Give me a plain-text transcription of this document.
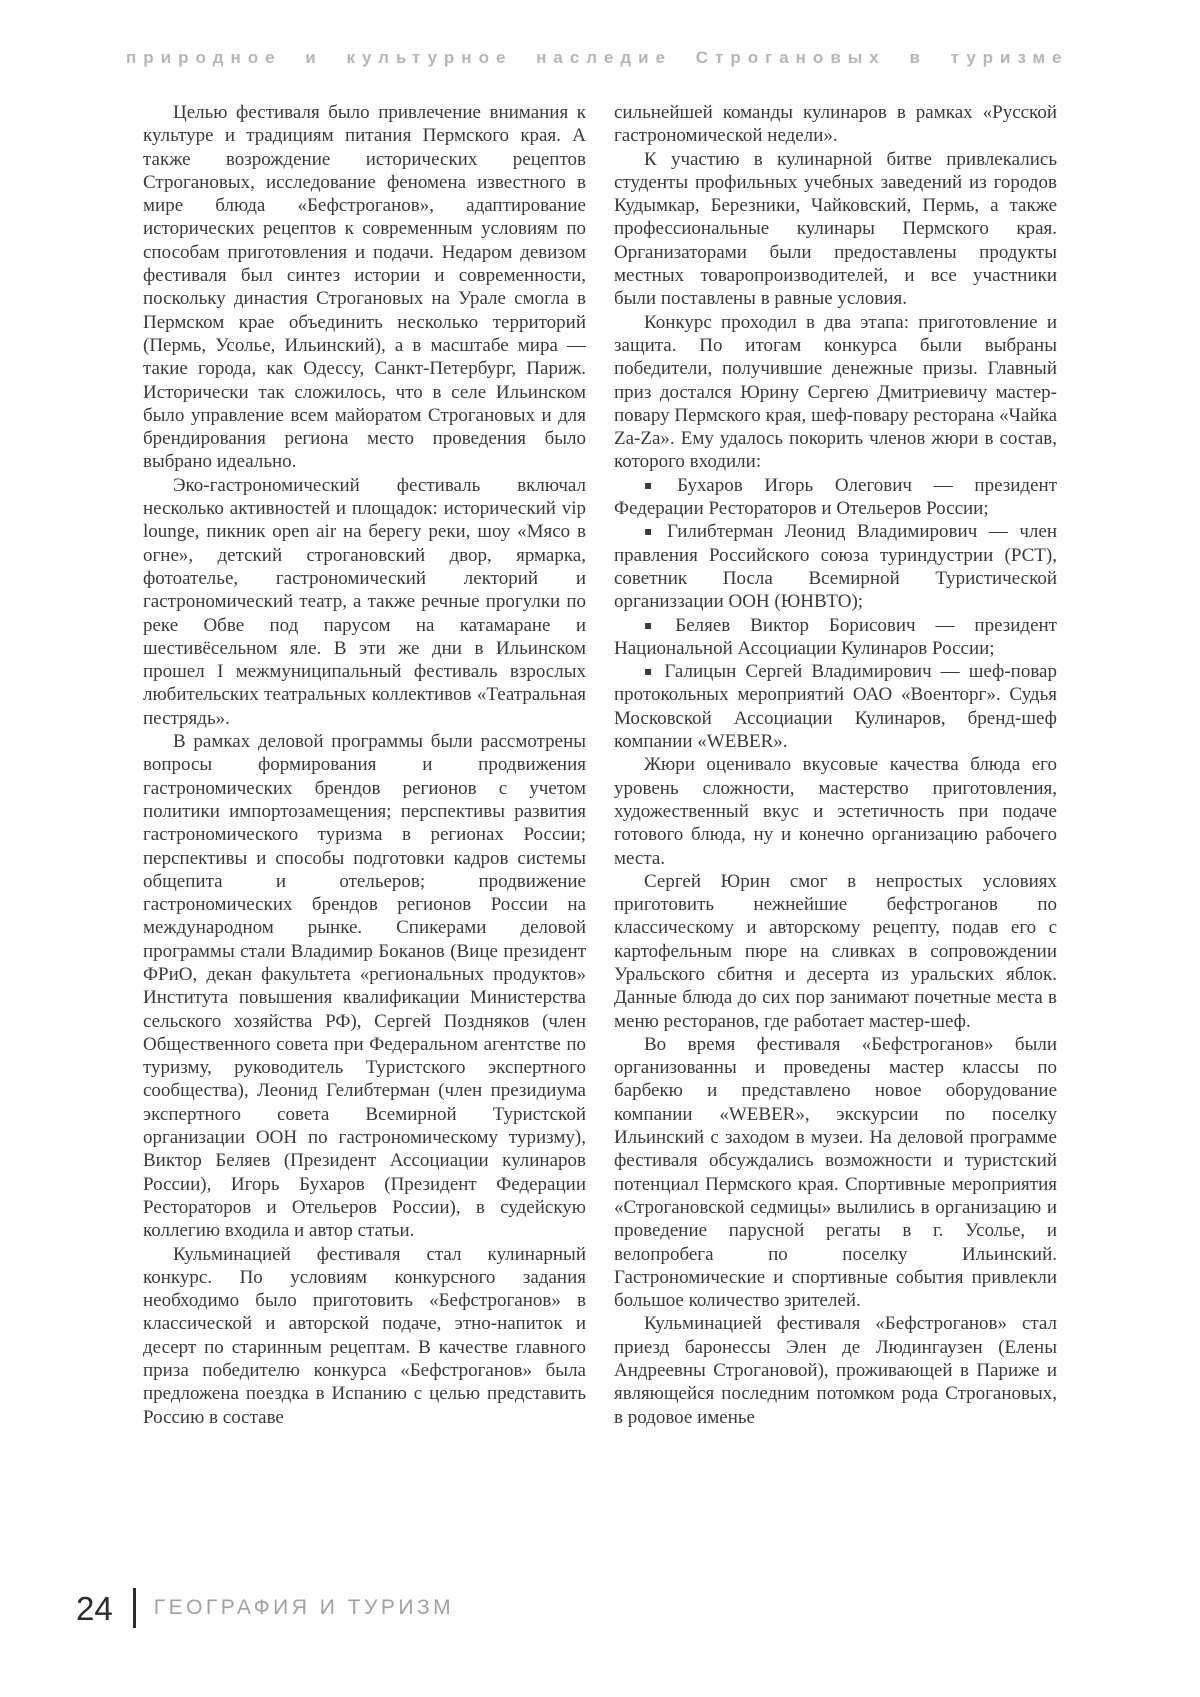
природное и культурное наследие Строгановых в туризме

Целью фестиваля было привлечение внимания к культуре и традициям питания Пермского края. А также возрождение исторических рецептов Строгановых, исследование феномена известного в мире блюда «Бефстроганов», адаптирование исторических рецептов к современным условиям по способам приготовления и подачи. Недаром девизом фестиваля был синтез истории и современности, поскольку династия Строгановых на Урале смогла в Пермском крае объединить несколько территорий (Пермь, Усолье, Ильинский), а в масштабе мира — такие города, как Одессу, Санкт-Петербург, Париж. Исторически так сложилось, что в селе Ильинском было управление всем майоратом Строгановых и для брендирования региона место проведения было выбрано идеально.

Эко-гастрономический фестиваль включал несколько активностей и площадок: исторический vip lounge, пикник open air на берегу реки, шоу «Мясо в огне», детский строгановский двор, ярмарка, фотоателье, гастрономический лекторий и гастрономический театр, а также речные прогулки по реке Обве под парусом на катамаране и шестивёсельном яле. В эти же дни в Ильинском прошел I межмуниципальный фестиваль взрослых любительских театральных коллективов «Театральная пестрядь».

В рамках деловой программы были рассмотрены вопросы формирования и продвижения гастрономических брендов регионов с учетом политики импортозамещения; перспективы развития гастрономического туризма в регионах России; перспективы и способы подготовки кадров системы общепита и отельеров; продвижение гастрономических брендов регионов России на международном рынке. Спикерами деловой программы стали Владимир Боканов (Вице президент ФРиО, декан факультета «региональных продуктов» Института повышения квалификации Министерства сельского хозяйства РФ), Сергей Поздняков (член Общественного совета при Федеральном агентстве по туризму, руководитель Туристского экспертного сообщества), Леонид Гелибтерман (член президиума экспертного совета Всемирной Туристской организации ООН по гастрономическому туризму), Виктор Беляев (Президент Ассоциации кулинаров России), Игорь Бухаров (Президент Федерации Рестораторов и Отельеров России), в судейскую коллегию входила и автор статьи.

Кульминацией фестиваля стал кулинарный конкурс. По условиям конкурсного задания необходимо было приготовить «Бефстроганов» в классической и авторской подаче, этно-напиток и десерт по старинным рецептам. В качестве главного приза победителю конкурса «Бефстроганов» была предложена поездка в Испанию с целью представить Россию в составе

сильнейшей команды кулинаров в рамках «Русской гастрономической недели».

К участию в кулинарной битве привлекались студенты профильных учебных заведений из городов Кудымкар, Березники, Чайковский, Пермь, а также профессиональные кулинары Пермского края. Организаторами были предоставлены продукты местных товаропроизводителей, и все участники были поставлены в равные условия.

Конкурс проходил в два этапа: приготовление и защита. По итогам конкурса были выбраны победители, получившие денежные призы. Главный приз достался Юрину Сергею Дмитриевичу мастер-повару Пермского края, шеф-повару ресторана «Чайка Za-Za». Ему удалось покорить членов жюри в состав, которого входили:

▪ Бухаров Игорь Олегович — президент Федерации Рестораторов и Отельеров России;

▪ Гилибтерман Леонид Владимирович — член правления Российского союза туриндустрии (РСТ), советник Посла Всемирной Туристической организзации ООН (ЮНВТО);

▪ Беляев Виктор Борисович — президент Национальной Ассоциации Кулинаров России;

▪ Галицын Сергей Владимирович — шеф-повар протокольных мероприятий ОАО «Военторг». Судья Московской Ассоциации Кулинаров, бренд-шеф компании «WEBER».

Жюри оценивало вкусовые качества блюда его уровень сложности, мастерство приготовления, художественный вкус и эстетичность при подаче готового блюда, ну и конечно организацию рабочего места.

Сергей Юрин смог в непростых условиях приготовить нежнейшие бефстроганов по классическому и авторскому рецепту, подав его с картофельным пюре на сливках в сопровождении Уральского сбитня и десерта из уральских яблок. Данные блюда до сих пор занимают почетные места в меню ресторанов, где работает мастер-шеф.

Во время фестиваля «Бефстроганов» были организованны и проведены мастер классы по барбекю и представлено новое оборудование компании «WEBER», экскурсии по поселку Ильинский с заходом в музеи. На деловой программе фестиваля обсуждались возможности и туристский потенциал Пермского края. Спортивные мероприятия «Строгановской седмицы» вылились в организацию и проведение парусной регаты в г. Усолье, и велопробега по поселку Ильинский. Гастрономические и спортивные события привлекли большое количество зрителей.

Кульминацией фестиваля «Бефстроганов» стал приезд баронессы Элен де Людингаузен (Елены Андреевны Строгановой), проживающей в Париже и являющейся последним потомком рода Строгановых, в родовое именье

24 ГЕОГРАФИЯ И ТУРИЗМ
